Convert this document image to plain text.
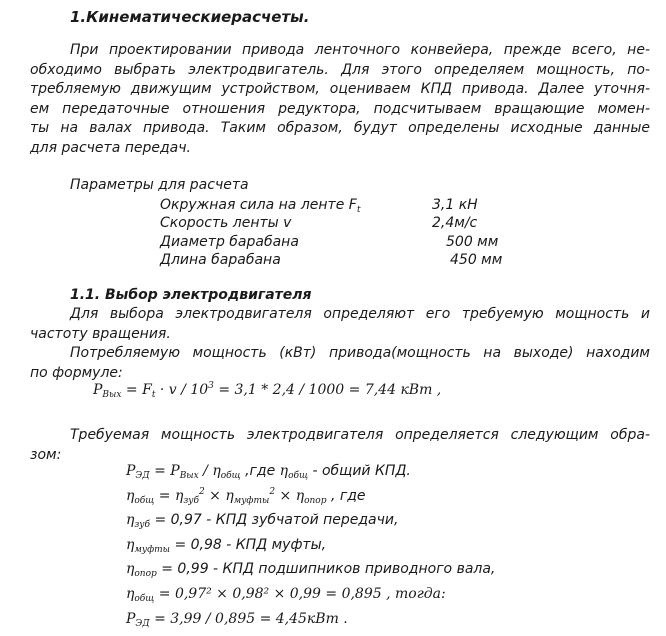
1.Кинематическиерасчеты.
При проектировании привода ленточного конвейера, прежде всего, не-
обходимо выбрать электродвигатель. Для этого определяем мощность, по-
требляемую движущим устройством, оцениваем КПД привода. Далее уточня-
ем передаточные отношения редуктора, подсчитываем вращающие момен-
ты на валах привода. Таким образом, будут определены исходные данные
для расчета передач.
Параметры для расчета
Окружная сила на ленте $F_t$	3,1 кН
Скорость ленты v	2,4м/с
Диаметр барабана	500 мм
Длина барабана	450 мм
1.1. Выбор электродвигателя
Для выбора электродвигателя определяют его требуемую мощность и
частоту вращения.
Потребляемую мощность (кВт) привода(мощность на выходе) находим
по формуле:
$P_{Вых} = F_t \cdot v / 10^3 = 3,1 * 2,4 / 1000 = 7,44$ кВт ,
Требуемая мощность электродвигателя определяется следующим обра-
зом:
$P_{ЭД} = P_{Вых} / \eta_{общ}$ ,где $\eta_{общ}$ - общий КПД.
$\eta_{общ} = \eta_{зуб}^2 \times \eta_{муфты}^2 \times \eta_{опор}$ , где
$\eta_{зуб} = 0,97$ - КПД зубчатой передачи,
$\eta_{муфты} = 0,98$ - КПД муфты,
$\eta_{опор} = 0,99$ - КПД подшипников приводного вала,
$\eta_{общ} = 0,97^2 \times 0,98^2 \times 0,99 = 0,895$ , тогда:
$P_{ЭД} = 3,99 / 0,895 = 4,45кВт$ .
